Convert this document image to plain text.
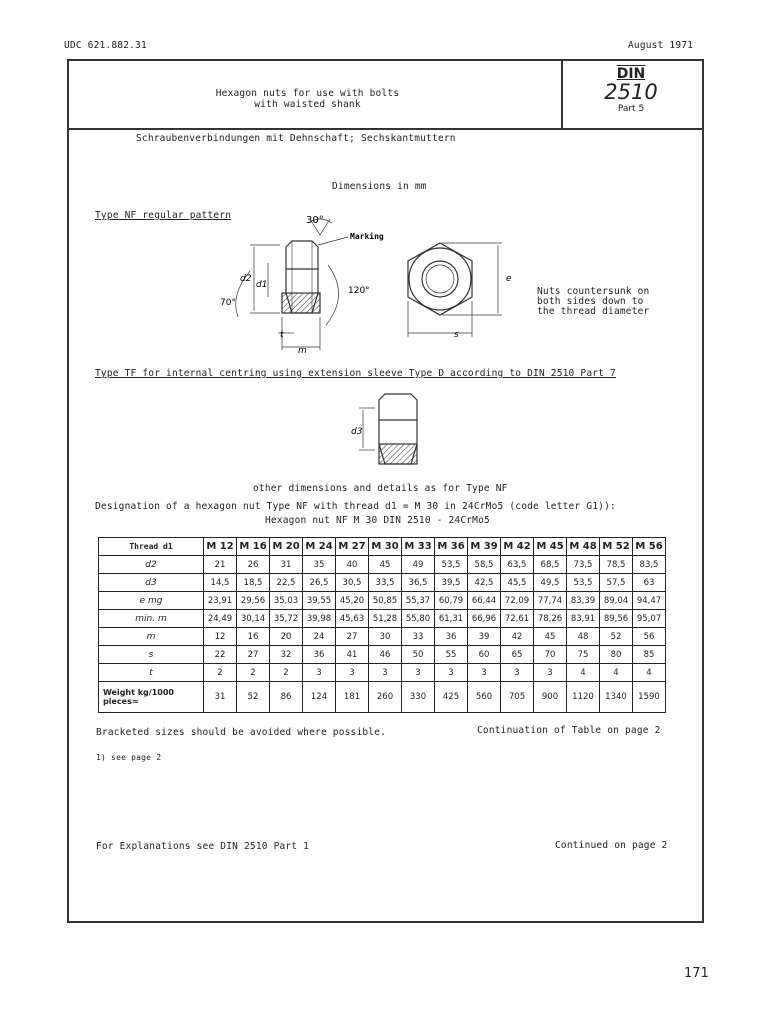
UDC 621.882.31	August 1971
Hexagon nuts for use with bolts
with waisted shank
DIN
2510
Part 5
Schraubenverbindungen mit Dehnschaft; Sechskantmuttern
Dimensions in mm
Type NF regular pattern	30°
Marking
d2
d1
70°
120°
t
m
e
s
Nuts countersunk on
both sides down to
the thread diameter
Type TF for internal centring using extension sleeve Type D according to DIN 2510 Part 7
d3
other dimensions and details as for Type NF
Designation of a hexagon nut Type NF with thread d1 = M 30 in 24CrMo5 (code letter G1)):
Hexagon nut NF M 30 DIN 2510 - 24CrMo5
Thread d1	M 12	M 16	M 20	M 24	M 27	M 30	M 33	M 36	M 39	M 42	M 45	M 48	M 52	M 56
d2	21	26	31	35	40	45	49	53,5	58,5	63,5	68,5	73,5	78,5	83,5
d3	14,5	18,5	22,5	26,5	30,5	33,5	36,5	39,5	42,5	45,5	49,5	53,5	57,5	63
e mg	23,91	29,56	35,03	39,55	45,20	50,85	55,37	60,79	66,44	72,09	77,74	83,39	89,04	94,47
min. m	24,49	30,14	35,72	39,98	45,63	51,28	55,80	61,31	66,96	72,61	78,26	83,91	89,56	95,07
m	12	16	20	24	27	30	33	36	39	42	45	48	52	56
s	22	27	32	36	41	46	50	55	60	65	70	75	80	85
t	2	2	2	3	3	3	3	3	3	3	3	4	4	4
Weight kg/1000 pieces≈	31	52	86	124	181	260	330	425	560	705	900	1120	1340	1590
Bracketed sizes should be avoided where possible.	Continuation of Table on page 2
1) see page 2
For Explanations see DIN 2510 Part 1	Continued on page 2
171
